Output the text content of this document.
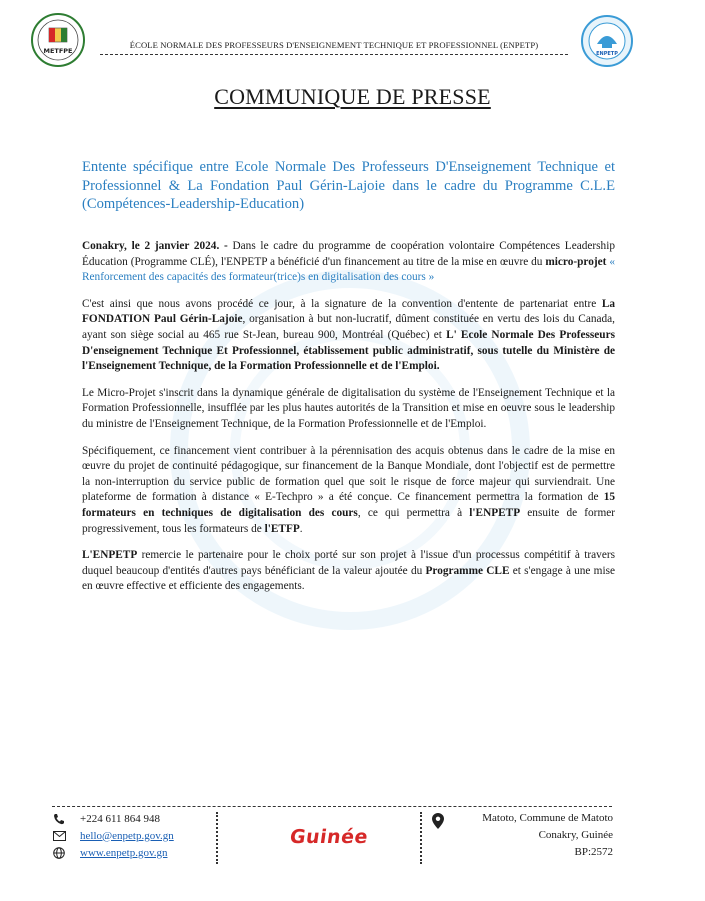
METFPE	ENPETP
ÉCOLE NORMALE DES PROFESSEURS D'ENSEIGNEMENT TECHNIQUE ET PROFESSIONNEL (ENPETP)
COMMUNIQUE DE PRESSE
Entente spécifique entre Ecole Normale Des Professeurs D'Enseignement Technique et Professionnel & La Fondation Paul Gérin-Lajoie dans le cadre du Programme C.L.E (Compétences-Leadership-Education)

Conakry, le 2 janvier 2024. - Dans le cadre du programme de coopération volontaire Compétences Leadership Éducation (Programme CLÉ), l'ENPETP a bénéficié d'un financement au titre de la mise en œuvre du micro-projet « Renforcement des capacités des formateur(trice)s en digitalisation des cours »

C'est ainsi que nous avons procédé ce jour, à la signature de la convention d'entente de partenariat entre La FONDATION Paul Gérin-Lajoie, organisation à but non-lucratif, dûment constituée en vertu des lois du Canada, ayant son siège social au 465 rue St-Jean, bureau 900, Montréal (Québec) et L' Ecole Normale Des Professeurs D'enseignement Technique Et Professionnel, établissement public administratif, sous tutelle du Ministère de l'Enseignement Technique, de la Formation Professionnelle et de l'Emploi.

Le Micro-Projet s'inscrit dans la dynamique générale de digitalisation du système de l'Enseignement Technique et la Formation Professionnelle, insufflée par les plus hautes autorités de la Transition et mise en oeuvre sous le leadership du ministre de l'Enseignement Technique, de la Formation Professionnelle et de l'Emploi.

Spécifiquement, ce financement vient contribuer à la pérennisation des acquis obtenus dans le cadre de la mise en œuvre du projet de continuité pédagogique, sur financement de la Banque Mondiale, dont l'objectif est de permettre la non-interruption du service public de formation quel que soit le risque de force majeur qui surviendrait. Une plateforme de formation à distance « E-Techpro » a été conçue. Ce financement permettra la formation de 15 formateurs en techniques de digitalisation des cours, ce qui permettra à l'ENPETP ensuite de former progressivement, tous les formateurs de l'ETFP.

L'ENPETP remercie le partenaire pour le choix porté sur son projet à l'issue d'un processus compétitif à travers duquel beaucoup d'entités d'autres pays bénéficiant de la valeur ajoutée du Programme CLE et s'engage à une mise en œuvre effective et efficiente des engagements.

+224 611 864 948
hello@enpetp.gov.gn
www.enpetp.gov.gn
Guinée
Matoto, Commune de Matoto
Conakry, Guinée
BP:2572
